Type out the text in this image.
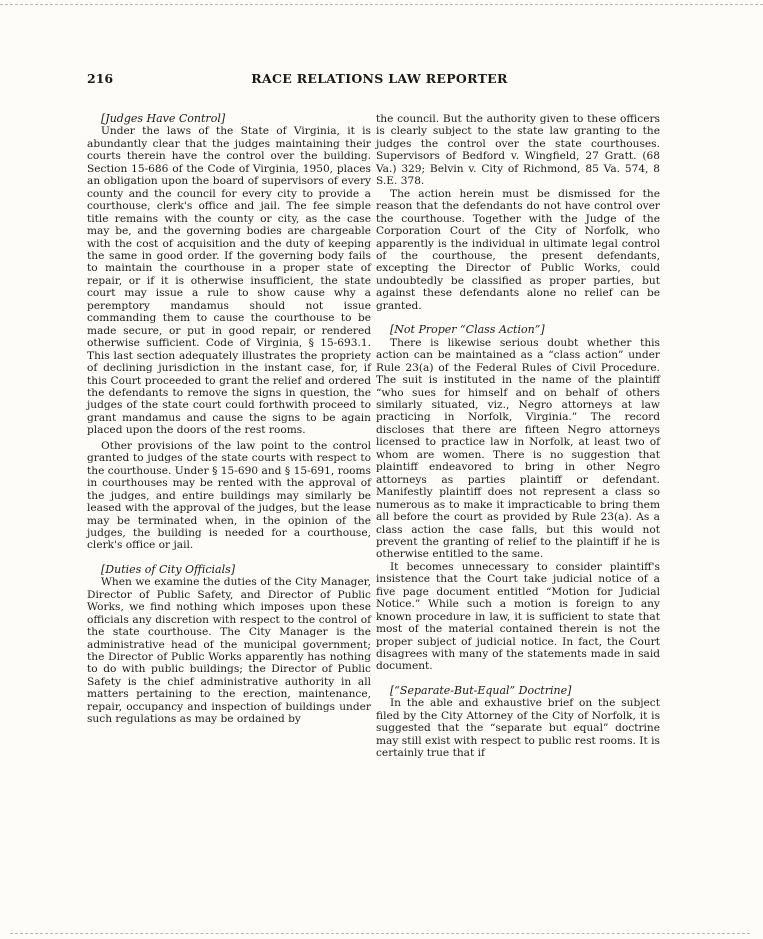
216	RACE RELATIONS LAW REPORTER

[Judges Have Control]

Under the laws of the State of Virginia, it is abundantly clear that the judges maintaining their courts therein have the control over the building. Section 15-686 of the Code of Virginia, 1950, places an obligation upon the board of supervisors of every county and the council for every city to provide a courthouse, clerk's office and jail. The fee simple title remains with the county or city, as the case may be, and the governing bodies are chargeable with the cost of acquisition and the duty of keeping the same in good order. If the governing body fails to maintain the courthouse in a proper state of repair, or if it is otherwise insufficient, the state court may issue a rule to show cause why a peremptory mandamus should not issue commanding them to cause the courthouse to be made secure, or put in good repair, or rendered otherwise sufficient. Code of Virginia, § 15-693.1. This last section adequately illustrates the propriety of declining jurisdiction in the instant case, for, if this Court proceeded to grant the relief and ordered the defendants to remove the signs in question, the judges of the state court could forthwith proceed to grant mandamus and cause the signs to be again placed upon the doors of the rest rooms.

Other provisions of the law point to the control granted to judges of the state courts with respect to the courthouse. Under § 15-690 and § 15-691, rooms in courthouses may be rented with the approval of the judges, and entire buildings may similarly be leased with the approval of the judges, but the lease may be terminated when, in the opinion of the judges, the building is needed for a courthouse, clerk's office or jail.

[Duties of City Officials]

When we examine the duties of the City Manager, Director of Public Safety, and Director of Public Works, we find nothing which imposes upon these officials any discretion with respect to the control of the state courthouse. The City Manager is the administrative head of the municipal government; the Director of Public Works apparently has nothing to do with public buildings; the Director of Public Safety is the chief administrative authority in all matters pertaining to the erection, maintenance, repair, occupancy and inspection of buildings under such regulations as may be ordained by

the council. But the authority given to these officers is clearly subject to the state law granting to the judges the control over the state courthouses. Supervisors of Bedford v. Wingfield, 27 Gratt. (68 Va.) 329; Belvin v. City of Richmond, 85 Va. 574, 8 S.E. 378.

The action herein must be dismissed for the reason that the defendants do not have control over the courthouse. Together with the Judge of the Corporation Court of the City of Norfolk, who apparently is the individual in ultimate legal control of the courthouse, the present defendants, excepting the Director of Public Works, could undoubtedly be classified as proper parties, but against these defendants alone no relief can be granted.

[Not Proper “Class Action”]

There is likewise serious doubt whether this action can be maintained as a “class action” under Rule 23(a) of the Federal Rules of Civil Procedure. The suit is instituted in the name of the plaintiff “who sues for himself and on behalf of others similarly situated, viz., Negro attorneys at law practicing in Norfolk, Virginia.” The record discloses that there are fifteen Negro attorneys licensed to practice law in Norfolk, at least two of whom are women. There is no suggestion that plaintiff endeavored to bring in other Negro attorneys as parties plaintiff or defendant. Manifestly plaintiff does not represent a class so numerous as to make it impracticable to bring them all before the court as provided by Rule 23(a). As a class action the case falls, but this would not prevent the granting of relief to the plaintiff if he is otherwise entitled to the same.

It becomes unnecessary to consider plaintiff's insistence that the Court take judicial notice of a five page document entitled “Motion for Judicial Notice.” While such a motion is foreign to any known procedure in law, it is sufficient to state that most of the material contained therein is not the proper subject of judicial notice. In fact, the Court disagrees with many of the statements made in said document.

[“Separate-But-Equal” Doctrine]

In the able and exhaustive brief on the subject filed by the City Attorney of the City of Norfolk, it is suggested that the “separate but equal” doctrine may still exist with respect to public rest rooms. It is certainly true that if
